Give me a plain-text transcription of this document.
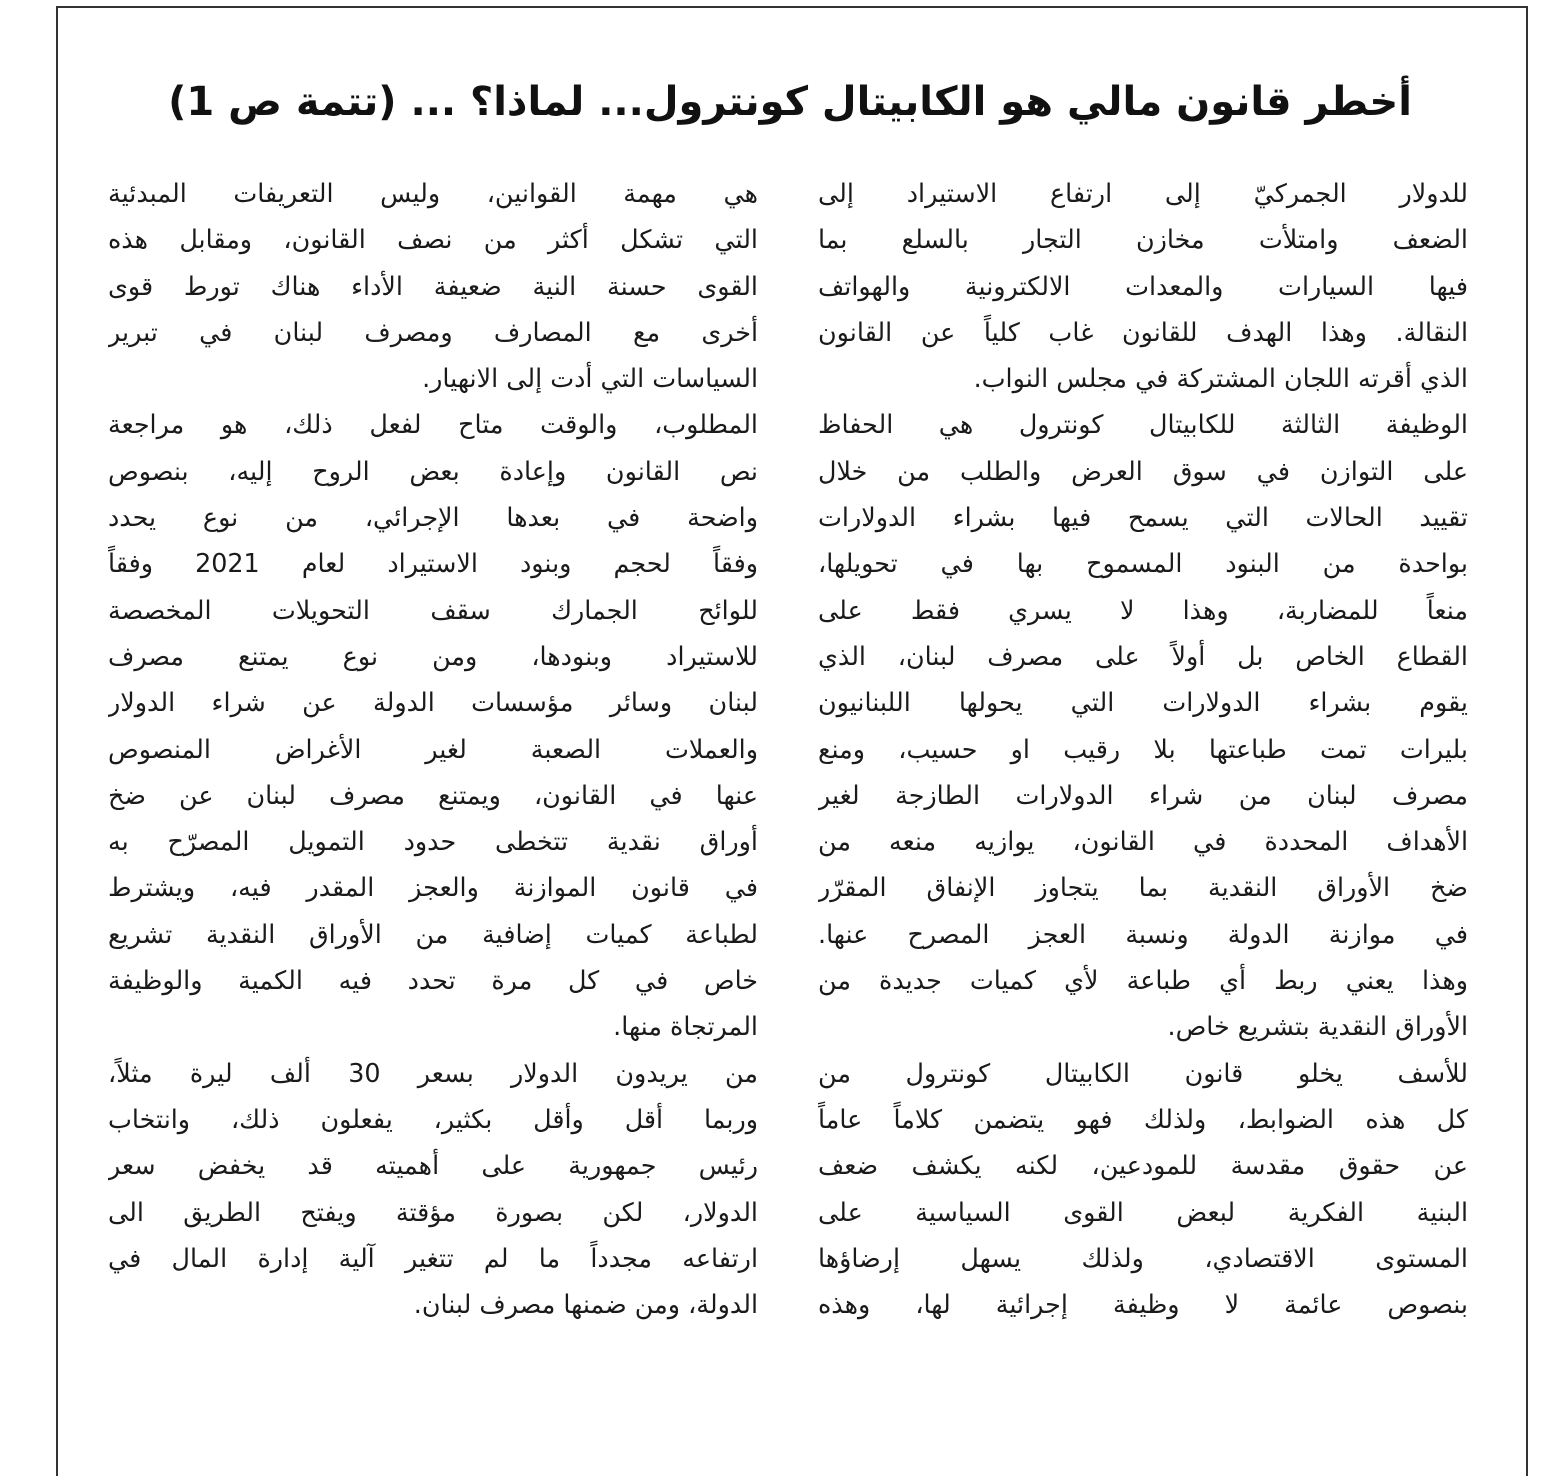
أخطر قانون مالي هو الكابيتال كونترول... لماذا؟ ... (تتمة ص 1)
للدولار الجمركيّ إلى ارتفاع الاستيراد إلى
الضعف وامتلأت مخازن التجار بالسلع بما
فيها السيارات والمعدات الالكترونية والهواتف
النقالة. وهذا الهدف للقانون غاب كلياً عن القانون
الذي أقرته اللجان المشتركة في مجلس النواب.
الوظيفة الثالثة للكابيتال كونترول هي الحفاظ
على التوازن في سوق العرض والطلب من خلال
تقييد الحالات التي يسمح فيها بشراء الدولارات
بواحدة من البنود المسموح بها في تحويلها،
منعاً للمضاربة، وهذا لا يسري فقط على
القطاع الخاص بل أولاً على مصرف لبنان، الذي
يقوم بشراء الدولارات التي يحولها اللبنانيون
بليرات تمت طباعتها بلا رقيب او حسيب، ومنع
مصرف لبنان من شراء الدولارات الطازجة لغير
الأهداف المحددة في القانون، يوازيه منعه من
ضخ الأوراق النقدية بما يتجاوز الإنفاق المقرّر
في موازنة الدولة ونسبة العجز المصرح عنها.
وهذا يعني ربط أي طباعة لأي كميات جديدة من
الأوراق النقدية بتشريع خاص.
للأسف يخلو قانون الكابيتال كونترول من
كل هذه الضوابط، ولذلك فهو يتضمن كلاماً عاماً
عن حقوق مقدسة للمودعين، لكنه يكشف ضعف
البنية الفكرية لبعض القوى السياسية على
المستوى الاقتصادي، ولذلك يسهل إرضاؤها
بنصوص عائمة لا وظيفة إجرائية لها، وهذه
هي مهمة القوانين، وليس التعريفات المبدئية
التي تشكل أكثر من نصف القانون، ومقابل هذه
القوى حسنة النية ضعيفة الأداء هناك تورط قوى
أخرى مع المصارف ومصرف لبنان في تبرير
السياسات التي أدت إلى الانهيار.
المطلوب، والوقت متاح لفعل ذلك، هو مراجعة
نص القانون وإعادة بعض الروح إليه، بنصوص
واضحة في بعدها الإجرائي، من نوع يحدد
وفقاً لحجم وبنود الاستيراد لعام 2021 وفقاً
للوائح الجمارك سقف التحويلات المخصصة
للاستيراد وبنودها، ومن نوع يمتنع مصرف
لبنان وسائر مؤسسات الدولة عن شراء الدولار
والعملات الصعبة لغير الأغراض المنصوص
عنها في القانون، ويمتنع مصرف لبنان عن ضخ
أوراق نقدية تتخطى حدود التمويل المصرّح به
في قانون الموازنة والعجز المقدر فيه، ويشترط
لطباعة كميات إضافية من الأوراق النقدية تشريع
خاص في كل مرة تحدد فيه الكمية والوظيفة
المرتجاة منها.
من يريدون الدولار بسعر 30 ألف ليرة مثلاً،
وربما أقل وأقل بكثير، يفعلون ذلك، وانتخاب
رئيس جمهورية على أهميته قد يخفض سعر
الدولار، لكن بصورة مؤقتة ويفتح الطريق الى
ارتفاعه مجدداً ما لم تتغير آلية إدارة المال في
الدولة، ومن ضمنها مصرف لبنان.
